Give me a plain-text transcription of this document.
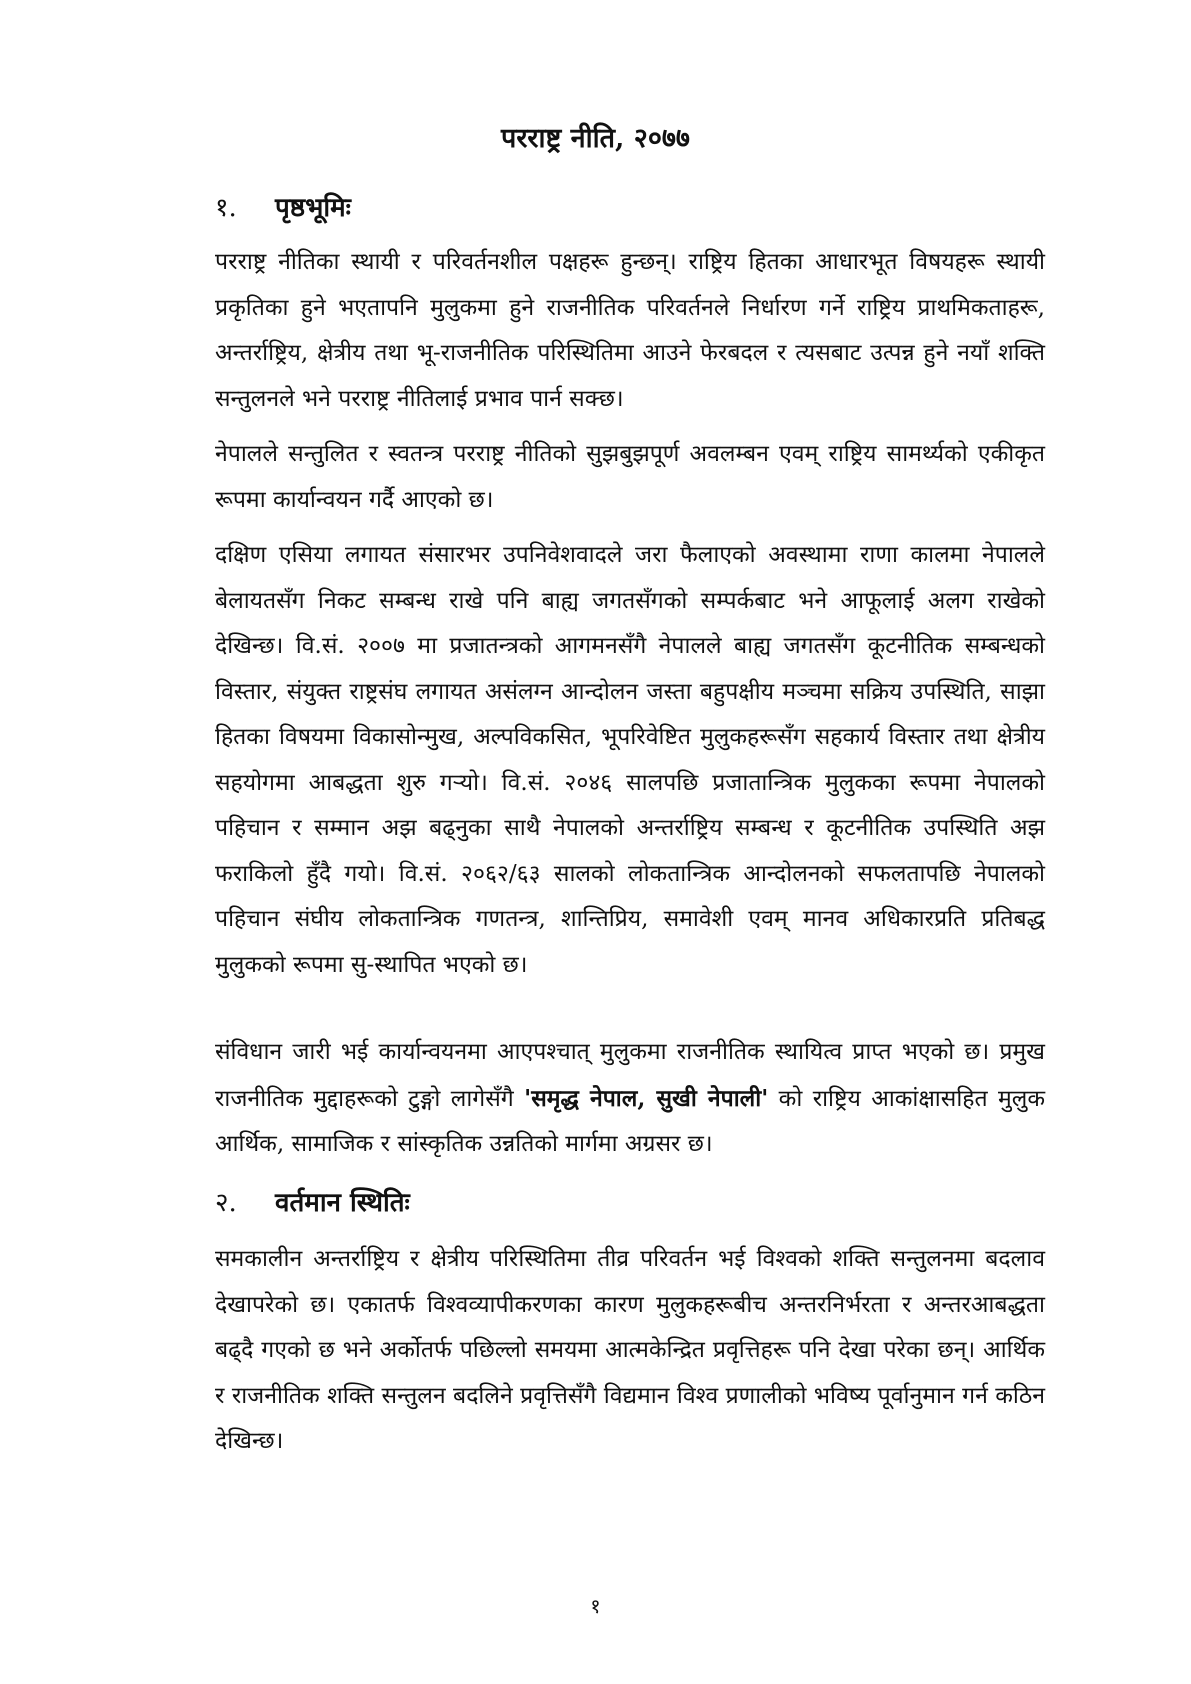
परराष्ट्र नीति, २०७७
१. पृष्ठभूमिः

परराष्ट्र नीतिका स्थायी र परिवर्तनशील पक्षहरू हुन्छन्। राष्ट्रिय हितका आधारभूत विषयहरू स्थायी प्रकृतिका हुने भएतापनि मुलुकमा हुने राजनीतिक परिवर्तनले निर्धारण गर्ने राष्ट्रिय प्राथमिकताहरू, अन्तर्राष्ट्रिय, क्षेत्रीय तथा भू-राजनीतिक परिस्थितिमा आउने फेरबदल र त्यसबाट उत्पन्न हुने नयाँ शक्ति सन्तुलनले भने परराष्ट्र नीतिलाई प्रभाव पार्न सक्छ।

नेपालले सन्तुलित र स्वतन्त्र परराष्ट्र नीतिको सुझबुझपूर्ण अवलम्बन एवम् राष्ट्रिय सामर्थ्यको एकीकृत रूपमा कार्यान्वयन गर्दै आएको छ।

दक्षिण एसिया लगायत संसारभर उपनिवेशवादले जरा फैलाएको अवस्थामा राणा कालमा नेपालले बेलायतसँग निकट सम्बन्ध राखे पनि बाह्य जगतसँगको सम्पर्कबाट भने आफूलाई अलग राखेको देखिन्छ। वि.सं. २००७ मा प्रजातन्त्रको आगमनसँगै नेपालले बाह्य जगतसँग कूटनीतिक सम्बन्धको विस्तार, संयुक्त राष्ट्रसंघ लगायत असंलग्न आन्दोलन जस्ता बहुपक्षीय मञ्चमा सक्रिय उपस्थिति, साझा हितका विषयमा विकासोन्मुख, अल्पविकसित, भूपरिवेष्टित मुलुकहरूसँग सहकार्य विस्तार तथा क्षेत्रीय सहयोगमा आबद्धता शुरु गर्‍यो। वि.सं. २०४६ सालपछि प्रजातान्त्रिक मुलुकका रूपमा नेपालको पहिचान र सम्मान अझ बढ्नुका साथै नेपालको अन्तर्राष्ट्रिय सम्बन्ध र कूटनीतिक उपस्थिति अझ फराकिलो हुँदै गयो। वि.सं. २०६२/६३ सालको लोकतान्त्रिक आन्दोलनको सफलतापछि नेपालको पहिचान संघीय लोकतान्त्रिक गणतन्त्र, शान्तिप्रिय, समावेशी एवम् मानव अधिकारप्रति प्रतिबद्ध मुलुकको रूपमा सु-स्थापित भएको छ।

संविधान जारी भई कार्यान्वयनमा आएपश्चात् मुलुकमा राजनीतिक स्थायित्व प्राप्त भएको छ। प्रमुख राजनीतिक मुद्दाहरूको टुङ्गो लागेसँगै 'समृद्ध नेपाल, सुखी नेपाली' को राष्ट्रिय आकांक्षासहित मुलुक आर्थिक, सामाजिक र सांस्कृतिक उन्नतिको मार्गमा अग्रसर छ।

२. वर्तमान स्थितिः

समकालीन अन्तर्राष्ट्रिय र क्षेत्रीय परिस्थितिमा तीव्र परिवर्तन भई विश्वको शक्ति सन्तुलनमा बदलाव देखापरेको छ। एकातर्फ विश्वव्यापीकरणका कारण मुलुकहरूबीच अन्तरनिर्भरता र अन्तरआबद्धता बढ्दै गएको छ भने अर्कोतर्फ पछिल्लो समयमा आत्मकेन्द्रित प्रवृत्तिहरू पनि देखा परेका छन्। आर्थिक र राजनीतिक शक्ति सन्तुलन बदलिने प्रवृत्तिसँगै विद्यमान विश्व प्रणालीको भविष्य पूर्वानुमान गर्न कठिन देखिन्छ।

१
